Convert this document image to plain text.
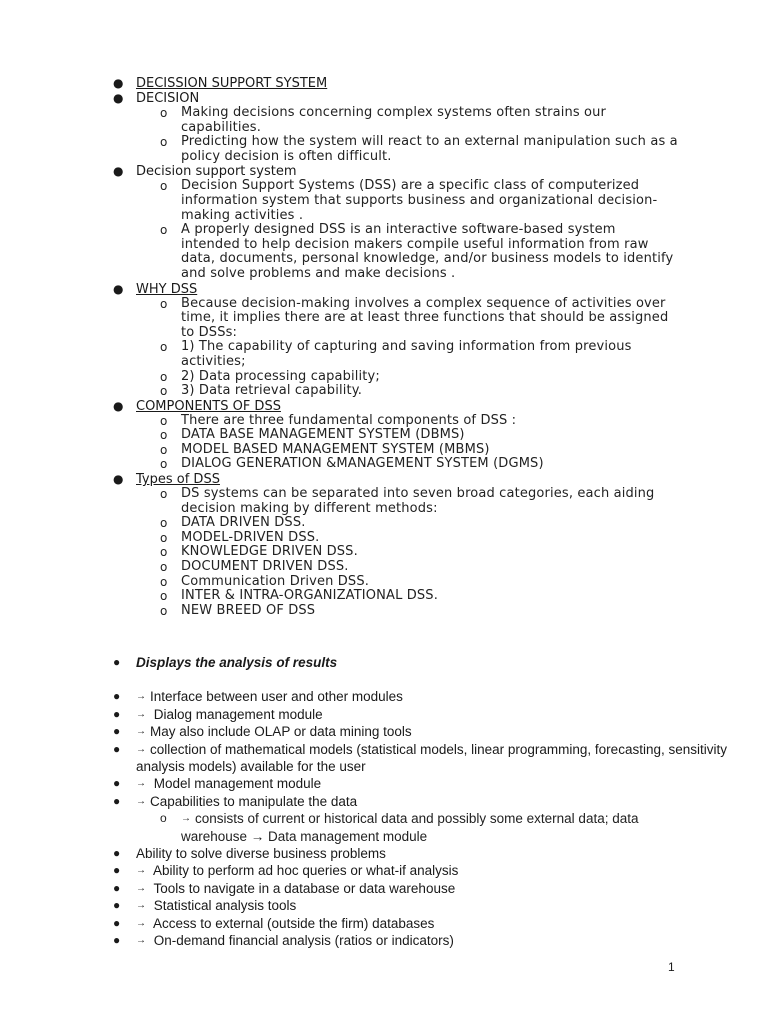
● DECISSION SUPPORT SYSTEM
● DECISION
o Making decisions concerning complex systems often strains our capabilities.
o Predicting how the system will react to an external manipulation such as a policy decision is often difficult.
● Decision support system
o Decision Support Systems (DSS) are a specific class of computerized information system that supports business and organizational decision-making activities .
o A properly designed DSS is an interactive software-based system intended to help decision makers compile useful information from raw data, documents, personal knowledge, and/or business models to identify and solve problems and make decisions .
● WHY DSS
o Because decision-making involves a complex sequence of activities over time, it implies there are at least three functions that should be assigned to DSSs:
o 1) The capability of capturing and saving information from previous activities;
o 2) Data processing capability;
o 3) Data retrieval capability.
● COMPONENTS OF DSS
o There are three fundamental components of DSS :
o DATA BASE MANAGEMENT SYSTEM (DBMS)
o MODEL BASED MANAGEMENT SYSTEM (MBMS)
o DIALOG GENERATION &MANAGEMENT SYSTEM (DGMS)
● Types of DSS
o DS systems can be separated into seven broad categories, each aiding decision making by different methods:
o DATA DRIVEN DSS.
o MODEL-DRIVEN DSS.
o KNOWLEDGE DRIVEN DSS.
o DOCUMENT DRIVEN DSS.
o Communication Driven DSS.
o INTER & INTRA-ORGANIZATIONAL DSS.
o NEW BREED OF DSS
● Displays the analysis of results
● → Interface between user and other modules
● → Dialog management module
● → May also include OLAP or data mining tools
● → collection of mathematical models (statistical models, linear programming, forecasting, sensitivity analysis models) available for the user
● → Model management module
● → Capabilities to manipulate the data
o → consists of current or historical data and possibly some external data; data warehouse → Data management module
● Ability to solve diverse business problems
● → Ability to perform ad hoc queries or what-if analysis
● → Tools to navigate in a database or data warehouse
● → Statistical analysis tools
● → Access to external (outside the firm) databases
● → On-demand financial analysis (ratios or indicators)
1
